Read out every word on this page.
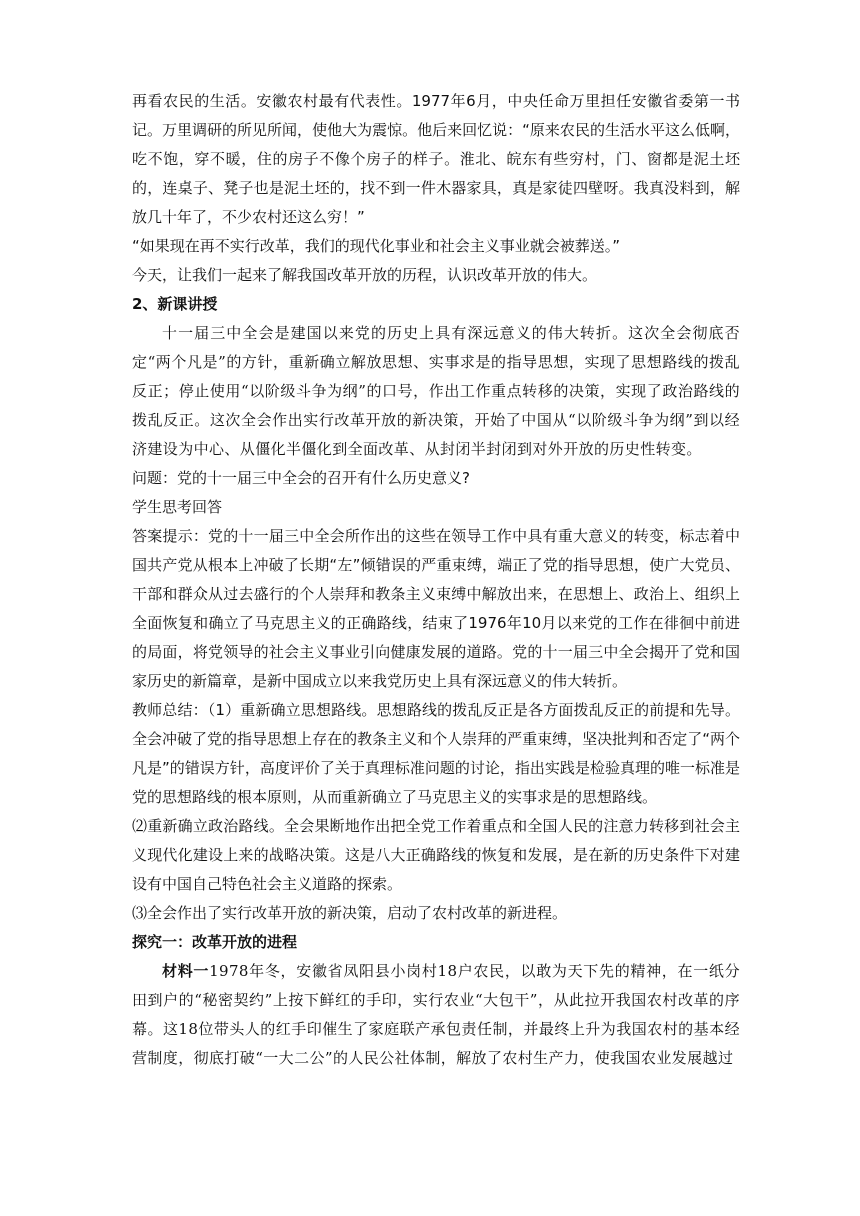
再看农民的生活。安徽农村最有代表性。1977年6月，中央任命万里担任安徽省委第一书记。万里调研的所见所闻，使他大为震惊。他后来回忆说：“原来农民的生活水平这么低啊，吃不饱，穿不暖，住的房子不像个房子的样子。淮北、皖东有些穷村，门、窗都是泥土坯的，连桌子、凳子也是泥土坯的，找不到一件木器家具，真是家徒四壁呀。我真没料到，解放几十年了，不少农村还这么穷！”

“如果现在再不实行改革，我们的现代化事业和社会主义事业就会被葬送。”

今天，让我们一起来了解我国改革开放的历程，认识改革开放的伟大。

2、新课讲授

十一届三中全会是建国以来党的历史上具有深远意义的伟大转折。这次全会彻底否定“两个凡是”的方针，重新确立解放思想、实事求是的指导思想，实现了思想路线的拨乱反正；停止使用“以阶级斗争为纲”的口号，作出工作重点转移的决策，实现了政治路线的拨乱反正。这次全会作出实行改革开放的新决策，开始了中国从“以阶级斗争为纲”到以经济建设为中心、从僵化半僵化到全面改革、从封闭半封闭到对外开放的历史性转变。

问题：党的十一届三中全会的召开有什么历史意义?

学生思考回答

答案提示：党的十一届三中全会所作出的这些在领导工作中具有重大意义的转变，标志着中国共产党从根本上冲破了长期“左”倾错误的严重束缚，端正了党的指导思想，使广大党员、干部和群众从过去盛行的个人崇拜和教条主义束缚中解放出来，在思想上、政治上、组织上全面恢复和确立了马克思主义的正确路线，结束了1976年10月以来党的工作在徘徊中前进的局面，将党领导的社会主义事业引向健康发展的道路。党的十一届三中全会揭开了党和国家历史的新篇章，是新中国成立以来我党历史上具有深远意义的伟大转折。

教师总结：（1）重新确立思想路线。思想路线的拨乱反正是各方面拨乱反正的前提和先导。全会冲破了党的指导思想上存在的教条主义和个人崇拜的严重束缚，坚决批判和否定了“两个凡是”的错误方针，高度评价了关于真理标准问题的讨论，指出实践是检验真理的唯一标准是党的思想路线的根本原则，从而重新确立了马克思主义的实事求是的思想路线。

⑵重新确立政治路线。全会果断地作出把全党工作着重点和全国人民的注意力转移到社会主义现代化建设上来的战略决策。这是八大正确路线的恢复和发展，是在新的历史条件下对建设有中国自己特色社会主义道路的探索。

⑶全会作出了实行改革开放的新决策，启动了农村改革的新进程。

探究一：改革开放的进程

材料一1978年冬，安徽省凤阳县小岗村18户农民，以敢为天下先的精神，在一纸分田到户的“秘密契约”上按下鲜红的手印，实行农业“大包干”，从此拉开我国农村改革的序幕。这18位带头人的红手印催生了家庭联产承包责任制，并最终上升为我国农村的基本经营制度，彻底打破“一大二公”的人民公社体制，解放了农村生产力，使我国农业发展越过
